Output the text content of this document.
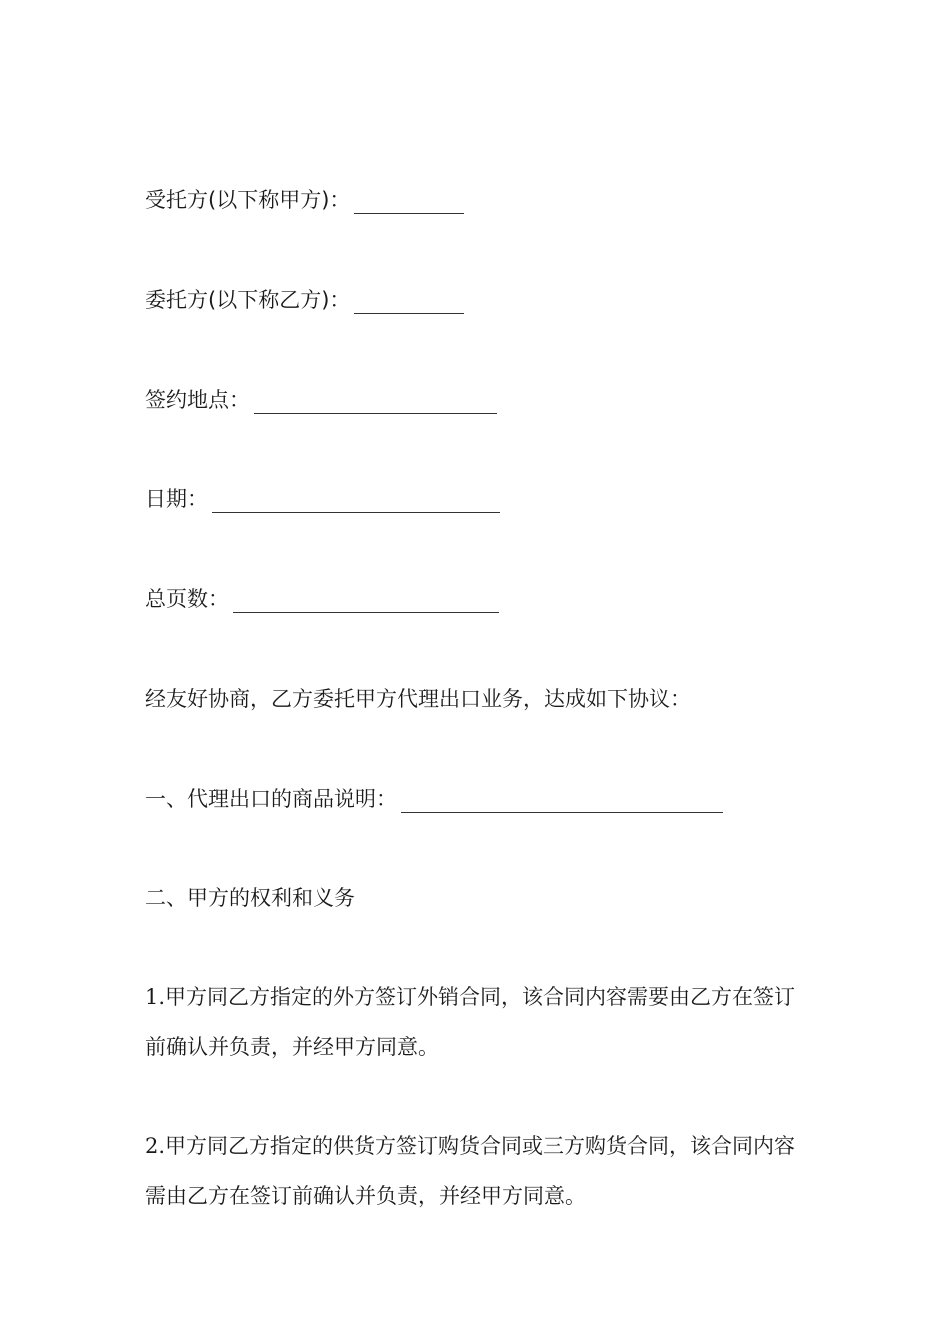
受托方(以下称甲方)：
委托方(以下称乙方)：
签约地点：
日期：
总页数：
经友好协商，乙方委托甲方代理出口业务，达成如下协议：
一、代理出口的商品说明：
二、甲方的权利和义务
1.甲方同乙方指定的外方签订外销合同，该合同内容需要由乙方在签订前确认并负责，并经甲方同意。
2.甲方同乙方指定的供货方签订购货合同或三方购货合同，该合同内容需由乙方在签订前确认并负责，并经甲方同意。
